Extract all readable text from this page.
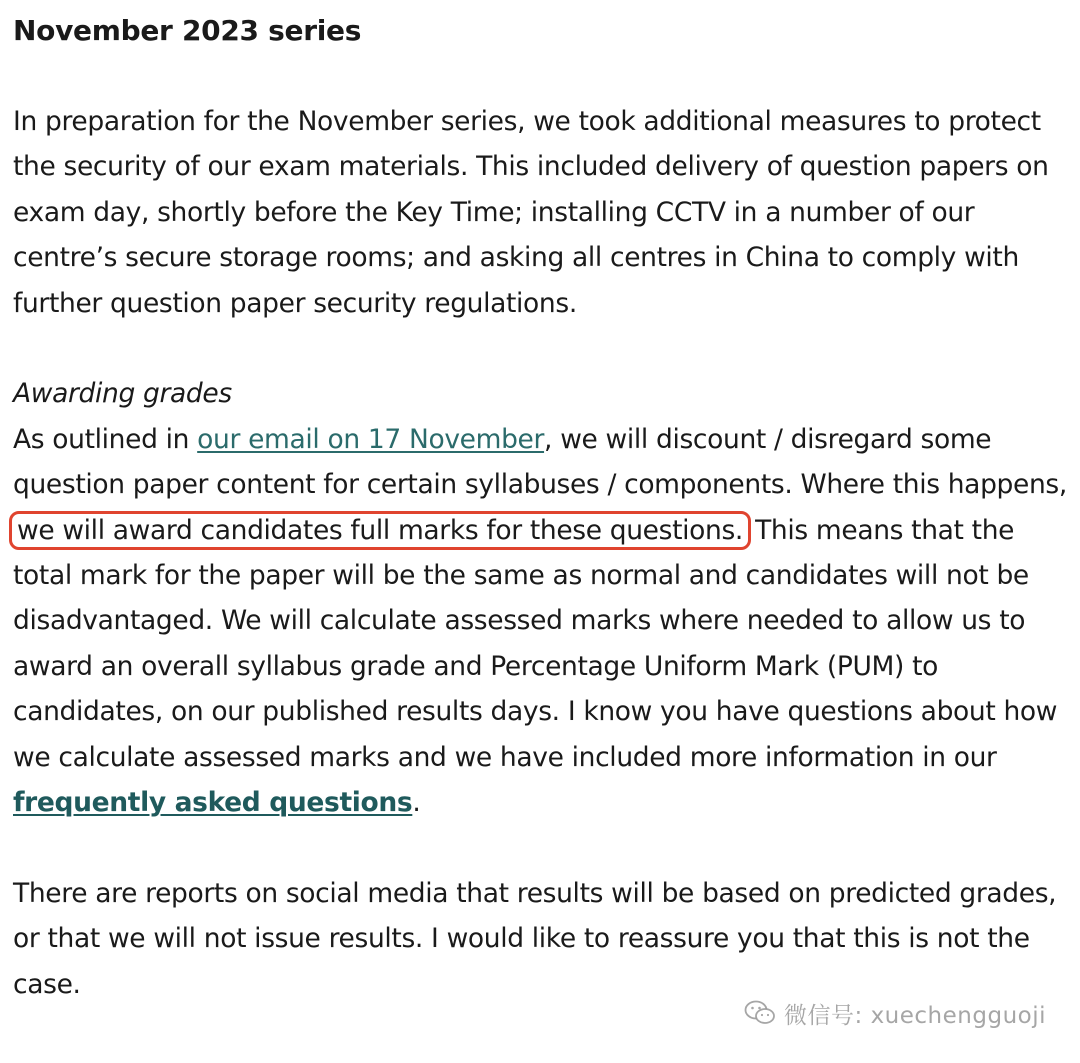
November 2023 series
In preparation for the November series, we took additional measures to protect the security of our exam materials. This included delivery of question papers on exam day, shortly before the Key Time; installing CCTV in a number of our centre’s secure storage rooms; and asking all centres in China to comply with further question paper security regulations.
Awarding grades
As outlined in our email on 17 November, we will discount / disregard some question paper content for certain syllabuses / components. Where this happens, we will award candidates full marks for these questions. This means that the total mark for the paper will be the same as normal and candidates will not be disadvantaged. We will calculate assessed marks where needed to allow us to award an overall syllabus grade and Percentage Uniform Mark (PUM) to candidates, on our published results days. I know you have questions about how we calculate assessed marks and we have included more information in our frequently asked questions.
There are reports on social media that results will be based on predicted grades, or that we will not issue results. I would like to reassure you that this is not the case.
微信号: xuechengguoji
